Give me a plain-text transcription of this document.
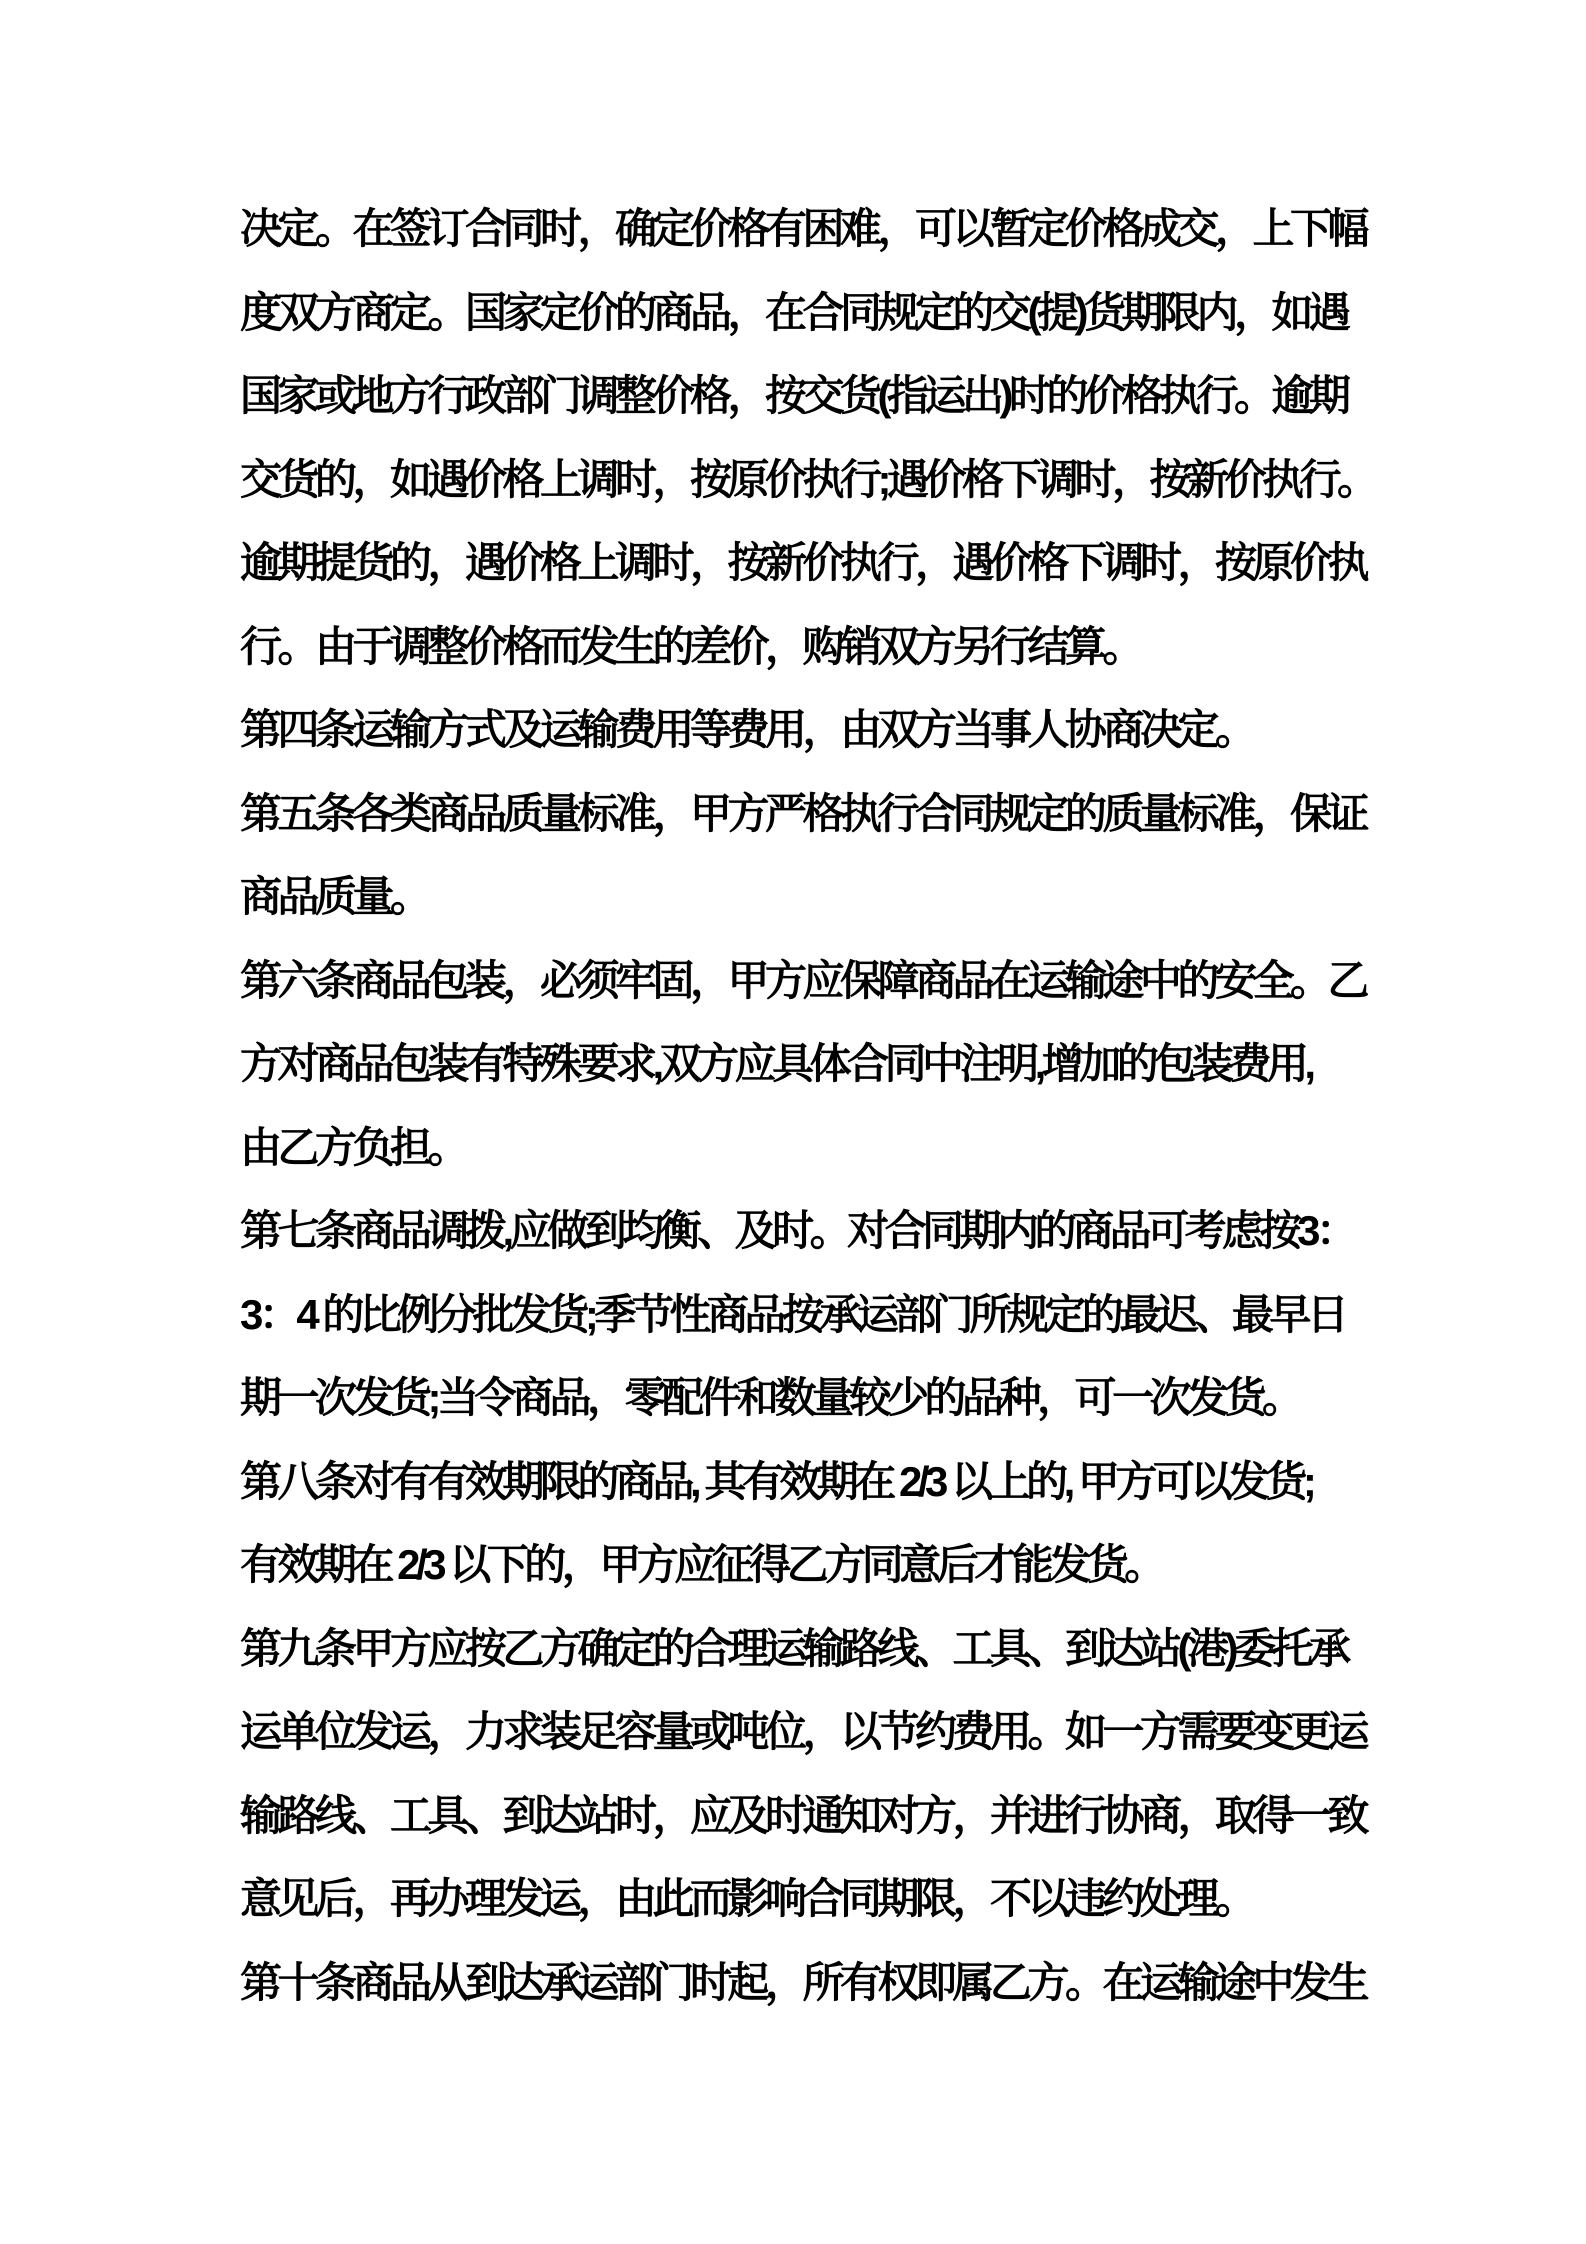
决定。在签订合同时，确定价格有困难，可以暂定价格成交，上下幅
度双方商定。国家定价的商品，在合同规定的交(提)货期限内，如遇
国家或地方行政部门调整价格，按交货(指运出)时的价格执行。逾期
交货的，如遇价格上调时，按原价执行;遇价格下调时，按新价执行。
逾期提货的，遇价格上调时，按新价执行，遇价格下调时，按原价执
行。由于调整价格而发生的差价，购销双方另行结算。
第四条运输方式及运输费用等费用，由双方当事人协商决定。
第五条各类商品质量标准，甲方严格执行合同规定的质量标准，保证
商品质量。
第六条商品包装，必须牢固，甲方应保障商品在运输途中的安全。乙
方对商品包装有特殊要求,双方应具体合同中注明,增加的包装费用,
由乙方负担。
第七条商品调拨,应做到均衡、及时。对合同期内的商品可考虑按3：
3：4 的比例分批发货;季节性商品按承运部门所规定的最迟、最早日
期一次发货;当令商品，零配件和数量较少的品种，可一次发货。
第八条对有有效期限的商品, 其有效期在 2/3 以上的, 甲方可以发货;
有效期在 2/3 以下的，甲方应征得乙方同意后才能发货。
第九条甲方应按乙方确定的合理运输路线、工具、到达站(港)委托承
运单位发运，力求装足容量或吨位，以节约费用。如一方需要变更运
输路线、工具、到达站时，应及时通知对方，并进行协商，取得一致
意见后，再办理发运，由此而影响合同期限，不以违约处理。
第十条商品从到达承运部门时起，所有权即属乙方。在运输途中发生
